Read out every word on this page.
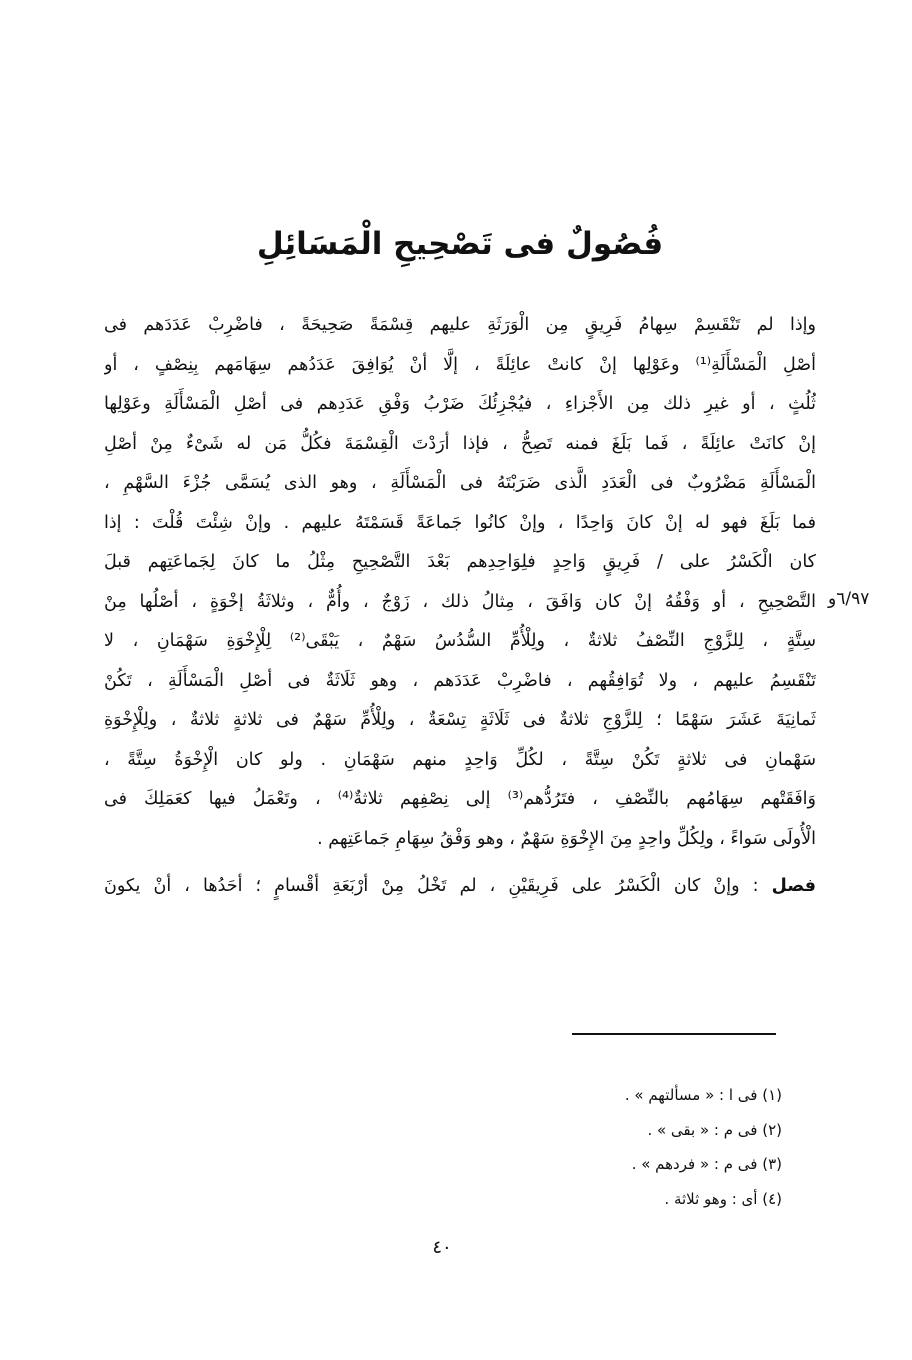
فُصُولٌ فى تَصْحِيحِ الْمَسَائِلِ
٦/٩٧و
وإذا لم تَنْقَسِمْ سِهامُ فَرِيقٍ مِن الْوَرَثَةِ عليهم قِسْمَةً صَحِيحَةً ، فاضْرِبْ عَدَدَهم فى
أصْلِ الْمَسْأَلَةِ⁽¹⁾ وعَوْلِها إنْ كانتْ عائِلَةً ، إلَّا أنْ يُوَافِقَ عَدَدُهم سِهَامَهم بِنِصْفٍ ، أو
ثُلُثٍ ، أو غيرِ ذلك مِن الأَجْزاءِ ، فيُجْزِئُكَ ضَرْبُ وَفْقِ عَدَدِهم فى أصْلِ الْمَسْأَلَةِ وعَوْلِها
إنْ كانَتْ عائِلَةً ، فَما بَلَغَ فمنه تَصِحُّ ، فإذا أرَدْتَ الْقِسْمَةَ فكُلُّ مَن له شَىْءٌ مِنْ أصْلِ
الْمَسْأَلَةِ مَضْرُوبٌ فى الْعَدَدِ الَّذى ضَرَبْتَهُ فى الْمَسْأَلَةِ ، وهو الذى يُسَمَّى جُزْءَ السَّهْمِ ،
فما بَلَغَ فهو له إنْ كانَ وَاحِدًا ، وإنْ كانُوا جَماعَةً قَسَمْتَهُ عليهم . وإنْ شِئْتَ قُلْتَ : إذا
كان الْكَسْرُ على / فَرِيقٍ وَاحِدٍ فلِوَاحِدِهم بَعْدَ التَّصْحِيحِ مِثْلُ ما كانَ لِجَماعَتِهم قبلَ
التَّصْحِيحِ ، أو وَفْقُهُ إنْ كان وَافَقَ ، مِثالُ ذلك ، زَوْجٌ ، وأُمٌّ ، وثلاثَةُ إخْوَةٍ ، أصْلُها مِنْ
سِتَّةٍ ، لِلزَّوْجِ النِّصْفُ ثلاثةٌ ، ولِلْأُمِّ السُّدُسُ سَهْمٌ ، يَبْقَى⁽²⁾ لِلْإِخْوَةِ سَهْمَانِ ، لا
تَنْقَسِمُ عليهم ، ولا تُوَافِقُهم ، فاضْرِبْ عَدَدَهم ، وهو ثَلَاثَةٌ فى أصْلِ الْمَسْأَلَةِ ، تَكُنْ
ثَمانِيَةَ عَشَرَ سَهْمًا ؛ لِلزَّوْجِ ثلاثةٌ فى ثَلَاثَةٍ تِسْعَةٌ ، ولِلْأُمِّ سَهْمٌ فى ثلاثةٍ ثلاثةٌ ، ولِلْإِخْوَةِ
سَهْمانِ فى ثلاثةٍ تَكُنْ سِتَّةً ، لكُلِّ وَاحِدٍ منهم سَهْمَانِ . ولو كان الْإِخْوَةُ سِتَّةً ،
وَافَقَتْهم سِهَامُهم بالنِّصْفِ ، فتَرُدُّهم⁽³⁾ إلى نِصْفِهم ثلاثةٌ⁽⁴⁾ ، وتَعْمَلُ فيها كعَمَلِكَ فى
الْأُولَى سَواءً ، ولِكُلِّ واحِدٍ مِنَ الإِخْوَةِ سَهْمٌ ، وهو وَفْقُ سِهَامِ جَماعَتِهم .
فصل : وإنْ كان الْكَسْرُ على فَرِيقَيْنِ ، لم تَخْلُ مِنْ أرْبَعَةِ أقْسامٍ ؛ أحَدُها ، أنْ يكونَ
(١) فى ا : « مسألتهم » .
(٢) فى م : « بقى » .
(٣) فى م : « فردهم » .
(٤) أى : وهو ثلاثة .
٤٠
